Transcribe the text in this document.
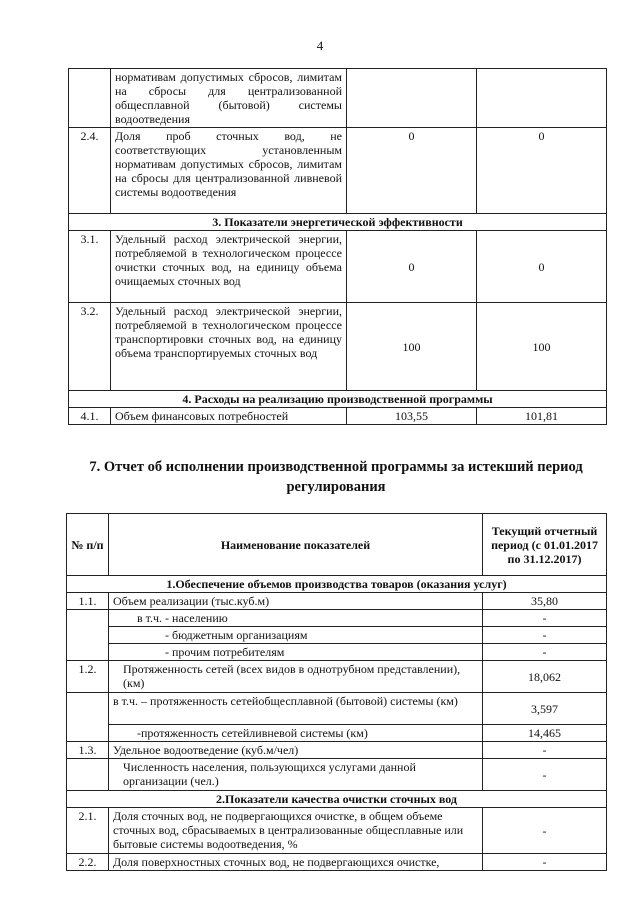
4
	нормативам допустимых сбросов, лимитам на сбросы для централизованной общесплавной (бытовой) системы водоотведения		
2.4.	Доля проб сточных вод, не соответствующих установленным нормативам допустимых сбросов, лимитам на сбросы для централизованной ливневой системы водоотведения	0	0
3. Показатели энергетической эффективности			
3.1.	Удельный расход электрической энергии, потребляемой в технологическом процессе очистки сточных вод, на единицу объема очищаемых сточных вод	0	0
3.2.	Удельный расход электрической энергии, потребляемой в технологическом процессе транспортировки сточных вод, на единицу объема транспортируемых сточных вод	100	100
4. Расходы на реализацию производственной программы			
4.1.	Объем финансовых потребностей	103,55	101,81
7. Отчет об исполнении производственной программы за истекший период регулирования
№ п/п	Наименование показателей	Текущий отчетный период (с 01.01.2017 по 31.12.2017)
1.Обеспечение объемов производства товаров (оказания услуг)		
1.1.	Объем реализации (тыс.куб.м)	35,80
	в т.ч. - населению	-
	- бюджетным организациям	-
	- прочим потребителям	-
1.2.	Протяженность сетей (всех видов в однотрубном представлении), (км)	18,062
	в т.ч. – протяженность сетейобщесплавной (бытовой) системы (км)	3,597
	-протяженность сетейливневой системы (км)	14,465
1.3.	Удельное водоотведение (куб.м/чел)	-
	Численность населения, пользующихся услугами данной организации (чел.)	-
2.Показатели качества очистки сточных вод		
2.1.	Доля сточных вод, не подвергающихся очистке, в общем объеме сточных вод, сбрасываемых в централизованные общесплавные или бытовые системы водоотведения, %	-
2.2.	Доля поверхностных сточных вод, не подвергающихся очистке,	-
